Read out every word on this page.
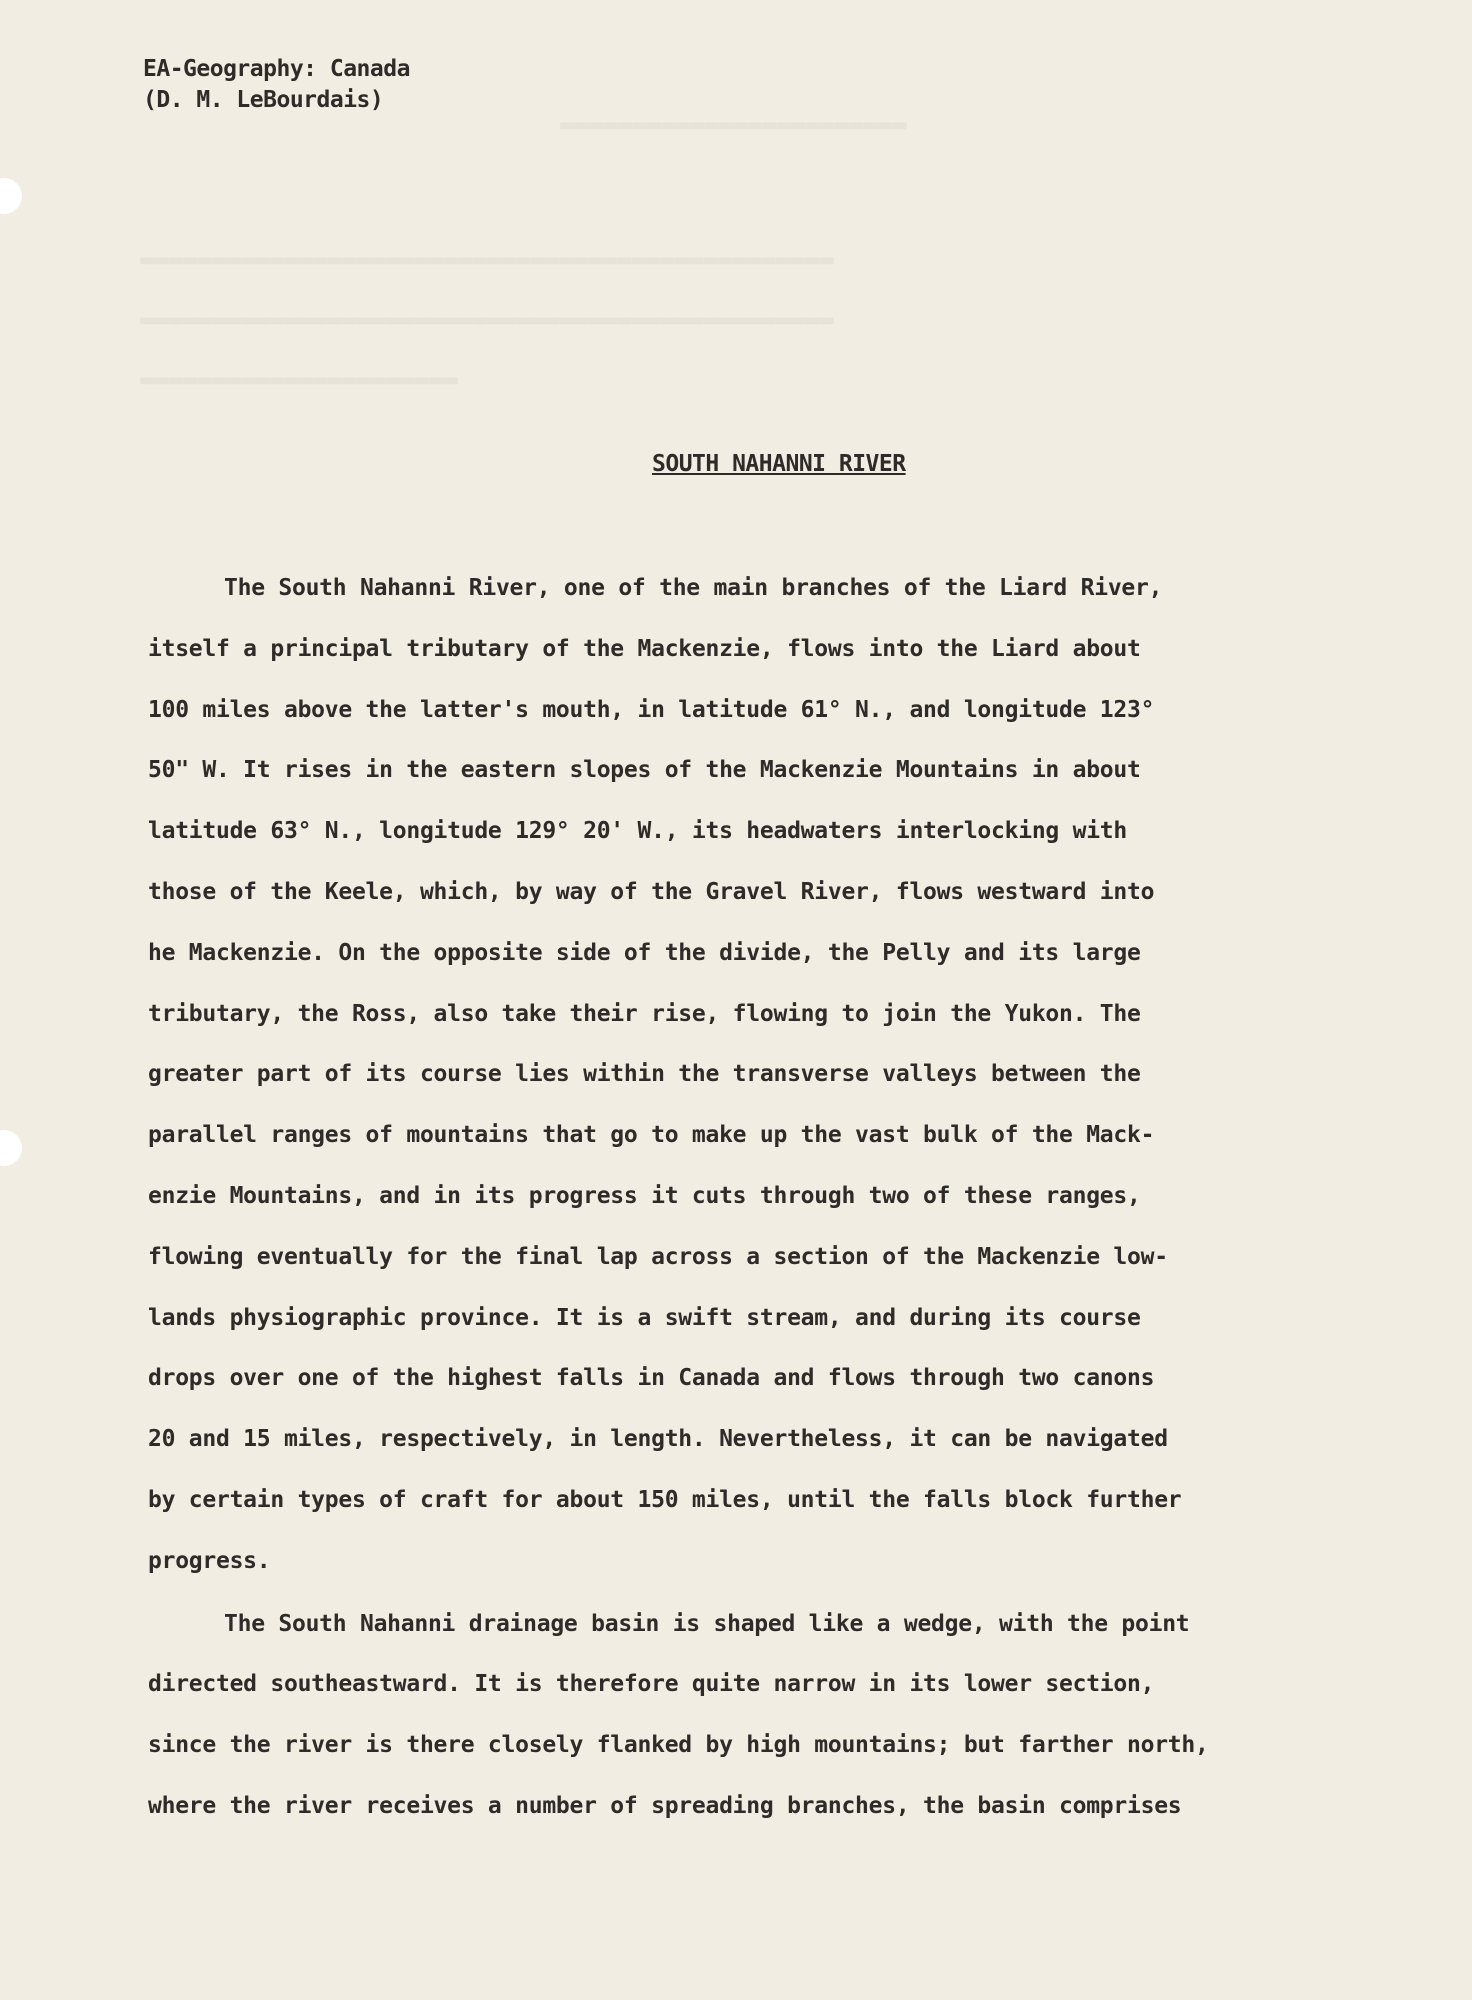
EA-Geography: Canada
(D. M. LeBourdais)
SOUTH NAHANNI RIVER
The South Nahanni River, one of the main branches of the Liard River,
itself a principal tributary of the Mackenzie, flows into the Liard about
100 miles above the latter's mouth, in latitude 61° N., and longitude 123°
50" W. It rises in the eastern slopes of the Mackenzie Mountains in about
latitude 63° N., longitude 129° 20' W., its headwaters interlocking with
those of the Keele, which, by way of the Gravel River, flows westward into
he Mackenzie. On the opposite side of the divide, the Pelly and its large
tributary, the Ross, also take their rise, flowing to join the Yukon. The
greater part of its course lies within the transverse valleys between the
parallel ranges of mountains that go to make up the vast bulk of the Mack-
enzie Mountains, and in its progress it cuts through two of these ranges,
flowing eventually for the final lap across a section of the Mackenzie low-
lands physiographic province. It is a swift stream, and during its course
drops over one of the highest falls in Canada and flows through two canons
20 and 15 miles, respectively, in length. Nevertheless, it can be navigated
by certain types of craft for about 150 miles, until the falls block further
progress.
The South Nahanni drainage basin is shaped like a wedge, with the point
directed southeastward. It is therefore quite narrow in its lower section,
since the river is there closely flanked by high mountains; but farther north,
where the river receives a number of spreading branches, the basin comprises
